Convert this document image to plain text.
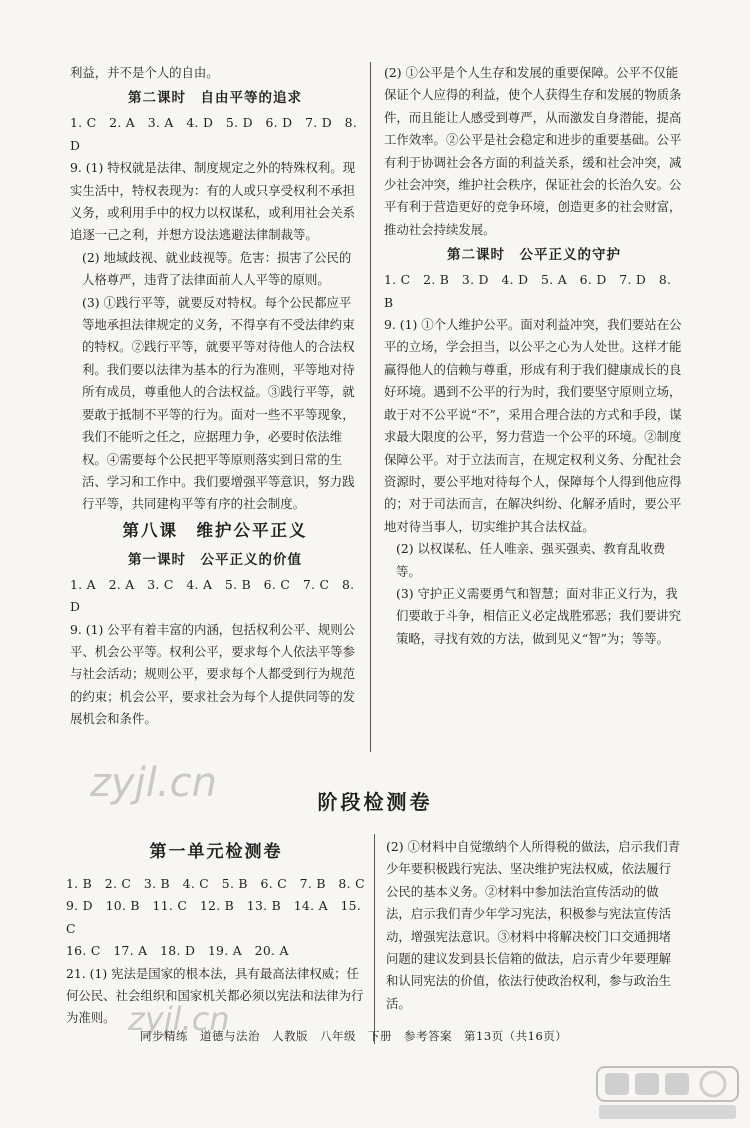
利益，并不是个人的自由。

第二课时　自由平等的追求

1. C　2. A　3. A　4. D　5. D　6. D　7. D　8. D

9. (1) 特权就是法律、制度规定之外的特殊权利。现实生活中，特权表现为：有的人或只享受权利不承担义务，或利用手中的权力以权谋私，或利用社会关系追逐一己之利，并想方设法逃避法律制裁等。

(2) 地域歧视、就业歧视等。危害：损害了公民的人格尊严，违背了法律面前人人平等的原则。

(3) ①践行平等，就要反对特权。每个公民都应平等地承担法律规定的义务，不得享有不受法律约束的特权。②践行平等，就要平等对待他人的合法权利。我们要以法律为基本的行为准则，平等地对待所有成员，尊重他人的合法权益。③践行平等，就要敢于抵制不平等的行为。面对一些不平等现象，我们不能听之任之，应据理力争，必要时依法维权。④需要每个公民把平等原则落实到日常的生活、学习和工作中。我们要增强平等意识，努力践行平等，共同建构平等有序的社会制度。

第八课　维护公平正义

第一课时　公平正义的价值

1. A　2. A　3. C　4. A　5. B　6. C　7. C　8. D

9. (1) 公平有着丰富的内涵，包括权利公平、规则公平、机会公平等。权利公平，要求每个人依法平等参与社会活动；规则公平，要求每个人都受到行为规范的约束；机会公平，要求社会为每个人提供同等的发展机会和条件。

(2) ①公平是个人生存和发展的重要保障。公平不仅能保证个人应得的利益，使个人获得生存和发展的物质条件，而且能让人感受到尊严，从而激发自身潜能，提高工作效率。②公平是社会稳定和进步的重要基础。公平有利于协调社会各方面的利益关系，缓和社会冲突，减少社会冲突，维护社会秩序，保证社会的长治久安。公平有利于营造更好的竞争环境，创造更多的社会财富，推动社会持续发展。

第二课时　公平正义的守护

1. C　2. B　3. D　4. D　5. A　6. D　7. D　8. B

9. (1) ①个人维护公平。面对利益冲突，我们要站在公平的立场，学会担当，以公平之心为人处世。这样才能赢得他人的信赖与尊重，形成有利于我们健康成长的良好环境。遇到不公平的行为时，我们要坚守原则立场，敢于对不公平说“不”，采用合理合法的方式和手段，谋求最大限度的公平，努力营造一个公平的环境。②制度保障公平。对于立法而言，在规定权利义务、分配社会资源时，要公平地对待每个人，保障每个人得到他应得的；对于司法而言，在解决纠纷、化解矛盾时，要公平地对待当事人，切实维护其合法权益。

(2) 以权谋私、任人唯亲、强买强卖、教育乱收费等。

(3) 守护正义需要勇气和智慧；面对非正义行为，我们要敢于斗争，相信正义必定战胜邪恶；我们要讲究策略，寻找有效的方法，做到见义“智”为；等等。

阶段检测卷

第一单元检测卷

1. B　2. C　3. B　4. C　5. B　6. C　7. B　8. C

9. D　10. B　11. C　12. B　13. B　14. A　15. C

16. C　17. A　18. D　19. A　20. A

21. (1) 宪法是国家的根本法，具有最高法律权威；任何公民、社会组织和国家机关都必须以宪法和法律为行为准则。

(2) ①材料中自觉缴纳个人所得税的做法，启示我们青少年要积极践行宪法、坚决维护宪法权威，依法履行公民的基本义务。②材料中参加法治宣传活动的做法，启示我们青少年学习宪法，积极参与宪法宣传活动，增强宪法意识。③材料中将解决校门口交通拥堵问题的建议发到县长信箱的做法，启示青少年要理解和认同宪法的价值，依法行使政治权利，参与政治生活。

zyjl.cn
zyjl.cn
同步精练　道德与法治　人教版　八年级　下册　参考答案　第13页（共16页）
